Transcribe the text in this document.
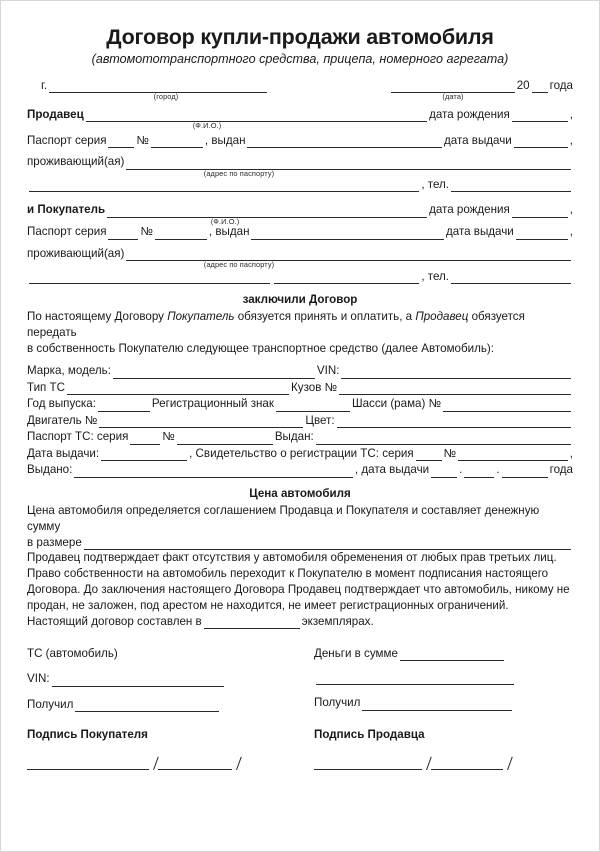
Договор купли-продажи автомобиля
(автомототранспортного средства, прицепа, номерного агрегата)
г.	20 года
(город)	(дата)
Продавец	дата рождения	,
(Ф.И.О.)
Паспорт серия	№	, выдан	дата выдачи	,
проживающий(ая)
(адрес по паспорту)
, тел.
и Покупатель	дата рождения	,
(Ф.И.О.)
Паспорт серия	№	, выдан	дата выдачи	,
проживающий(ая)
(адрес по паспорту)
, тел.
заключили Договор
По настоящему Договору Покупатель обязуется принять и оплатить, а Продавец обязуется передать
в собственность Покупателю следующее транспортное средство (далее Автомобиль):
Марка, модель:	VIN:
Тип ТС	Кузов №
Год выпуска:	Регистрационный знак	Шасси (рама) №
Двигатель №	Цвет:
Паспорт ТС: серия	№	Выдан:
Дата выдачи:	, Свидетельство о регистрации ТС: серия	№	,
Выдано:	, дата выдачи	.	.	года
Цена автомобиля
Цена автомобиля определяется соглашением Продавца и Покупателя и составляет денежную сумму
в размере
Продавец подтверждает факт отсутствия у автомобиля обременения от любых прав третьих лиц.
Право собственности на автомобиль переходит к Покупателю в момент подписания настоящего
Договора. До заключения настоящего Договора Продавец подтверждает что автомобиль, никому не
продан, не заложен, под арестом не находится, не имеет регистрационных ограничений.
Настоящий договор составлен в	экземплярах.
ТС (автомобиль)
VIN:
Получил
Деньги в сумме
Получил
Подпись Покупателя	Подпись Продавца
